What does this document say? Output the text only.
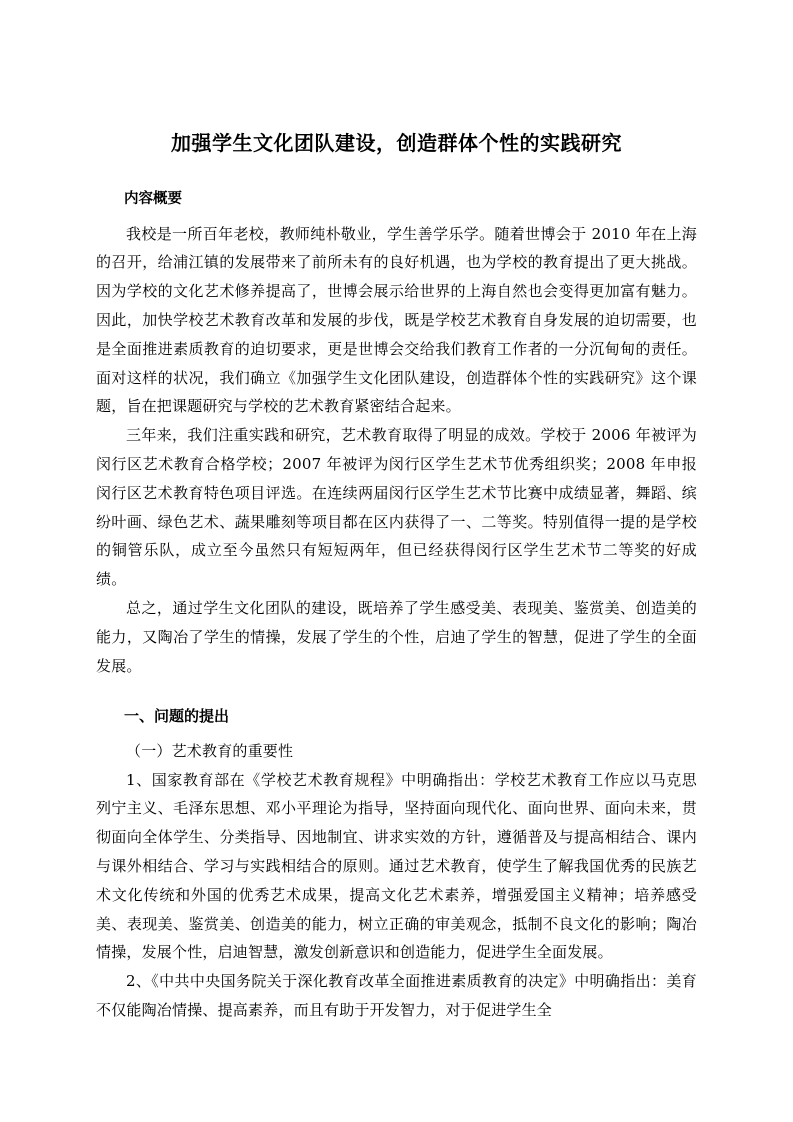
加强学生文化团队建设，创造群体个性的实践研究
内容概要

我校是一所百年老校，教师纯朴敬业，学生善学乐学。随着世博会于 2010 年在上海的召开，给浦江镇的发展带来了前所未有的良好机遇，也为学校的教育提出了更大挑战。因为学校的文化艺术修养提高了，世博会展示给世界的上海自然也会变得更加富有魅力。因此，加快学校艺术教育改革和发展的步伐，既是学校艺术教育自身发展的迫切需要，也是全面推进素质教育的迫切要求，更是世博会交给我们教育工作者的一分沉甸甸的责任。面对这样的状况，我们确立《加强学生文化团队建设，创造群体个性的实践研究》这个课题，旨在把课题研究与学校的艺术教育紧密结合起来。

三年来，我们注重实践和研究，艺术教育取得了明显的成效。学校于 2006 年被评为闵行区艺术教育合格学校；2007 年被评为闵行区学生艺术节优秀组织奖；2008 年申报闵行区艺术教育特色项目评选。在连续两届闵行区学生艺术节比赛中成绩显著，舞蹈、缤纷叶画、绿色艺术、蔬果雕刻等项目都在区内获得了一、二等奖。特别值得一提的是学校的铜管乐队，成立至今虽然只有短短两年，但已经获得闵行区学生艺术节二等奖的好成绩。

总之，通过学生文化团队的建设，既培养了学生感受美、表现美、鉴赏美、创造美的能力，又陶冶了学生的情操，发展了学生的个性，启迪了学生的智慧，促进了学生的全面发展。

一、问题的提出

（一）艺术教育的重要性

1、国家教育部在《学校艺术教育规程》中明确指出：学校艺术教育工作应以马克思列宁主义、毛泽东思想、邓小平理论为指导，坚持面向现代化、面向世界、面向未来，贯彻面向全体学生、分类指导、因地制宜、讲求实效的方针，遵循普及与提高相结合、课内与课外相结合、学习与实践相结合的原则。通过艺术教育，使学生了解我国优秀的民族艺术文化传统和外国的优秀艺术成果，提高文化艺术素养，增强爱国主义精神；培养感受美、表现美、鉴赏美、创造美的能力，树立正确的审美观念，抵制不良文化的影响；陶冶情操，发展个性，启迪智慧，激发创新意识和创造能力，促进学生全面发展。

2、《中共中央国务院关于深化教育改革全面推进素质教育的决定》中明确指出：美育不仅能陶冶情操、提高素养，而且有助于开发智力，对于促进学生全
